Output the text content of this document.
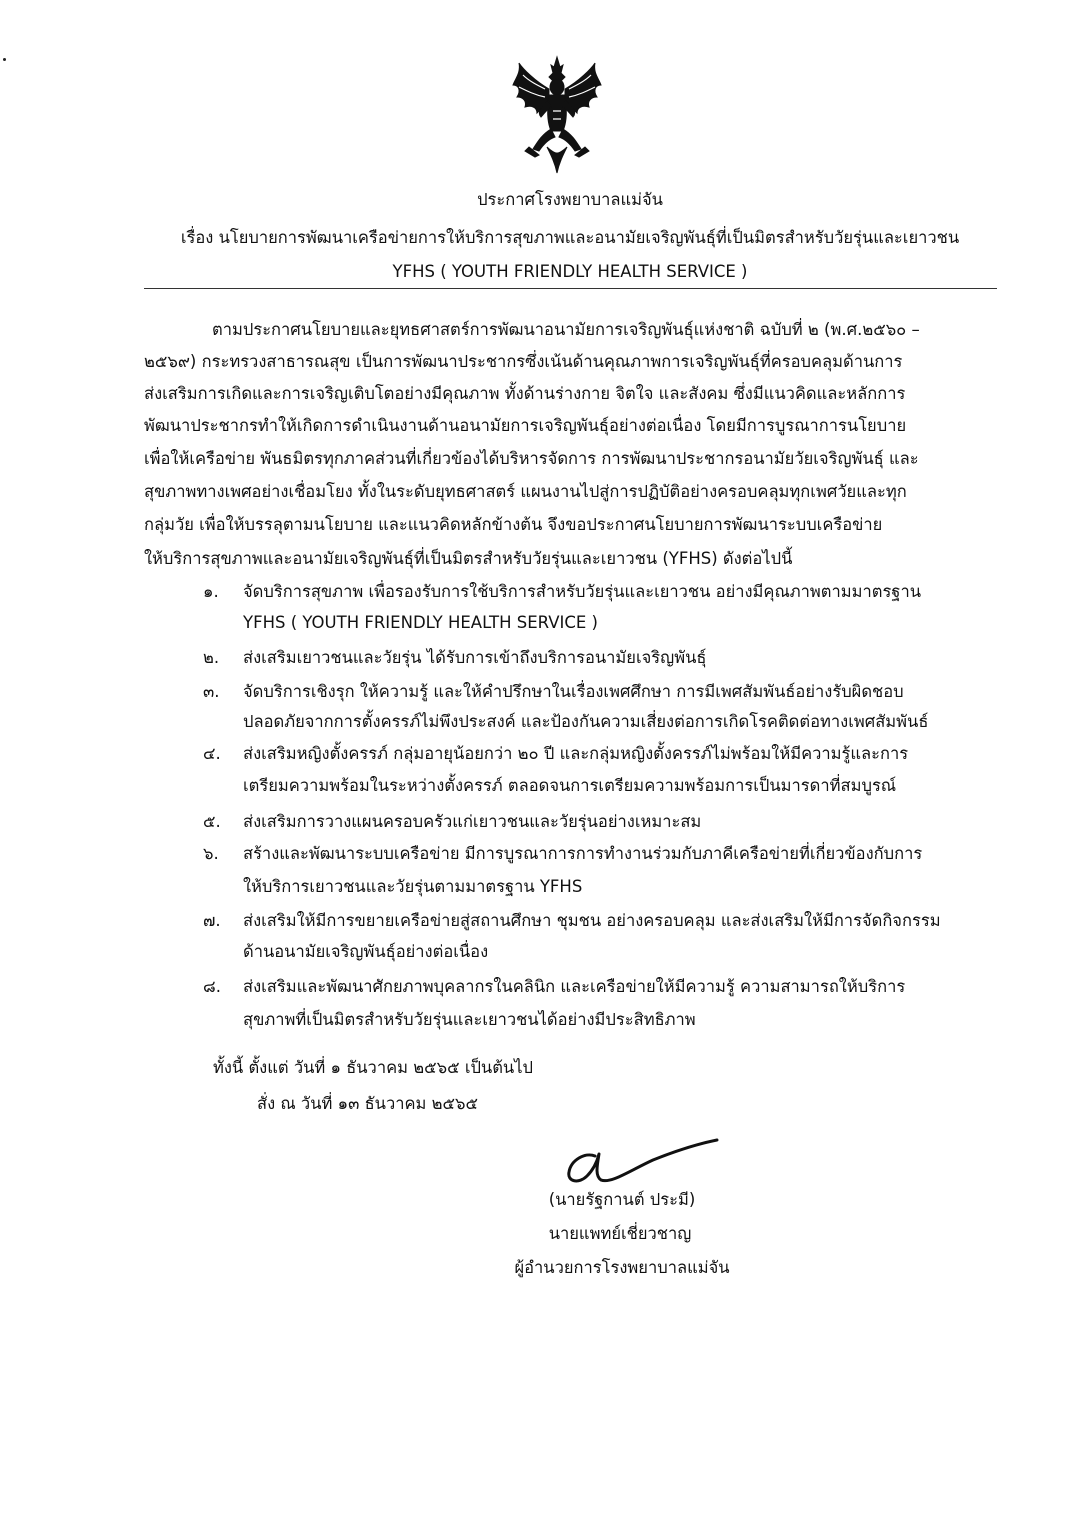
ประกาศโรงพยาบาลแม่จัน
เรื่อง นโยบายการพัฒนาเครือข่ายการให้บริการสุขภาพและอนามัยเจริญพันธุ์ที่เป็นมิตรสำหรับวัยรุ่นและเยาวชน
YFHS ( YOUTH FRIENDLY HEALTH SERVICE )
ตามประกาศนโยบายและยุทธศาสตร์การพัฒนาอนามัยการเจริญพันธุ์แห่งชาติ ฉบับที่ ๒ (พ.ศ.๒๕๖๐ –
๒๕๖๙) กระทรวงสาธารณสุข เป็นการพัฒนาประชากรซึ่งเน้นด้านคุณภาพการเจริญพันธุ์ที่ครอบคลุมด้านการ
ส่งเสริมการเกิดและการเจริญเติบโตอย่างมีคุณภาพ ทั้งด้านร่างกาย จิตใจ และสังคม ซึ่งมีแนวคิดและหลักการ
พัฒนาประชากรทำให้เกิดการดำเนินงานด้านอนามัยการเจริญพันธุ์อย่างต่อเนื่อง โดยมีการบูรณาการนโยบาย
เพื่อให้เครือข่าย พันธมิตรทุกภาคส่วนที่เกี่ยวข้องได้บริหารจัดการ การพัฒนาประชากรอนามัยวัยเจริญพันธุ์ และ
สุขภาพทางเพศอย่างเชื่อมโยง ทั้งในระดับยุทธศาสตร์ แผนงานไปสู่การปฏิบัติอย่างครอบคลุมทุกเพศวัยและทุก
กลุ่มวัย เพื่อให้บรรลุตามนโยบาย และแนวคิดหลักข้างต้น จึงขอประกาศนโยบายการพัฒนาระบบเครือข่าย
ให้บริการสุขภาพและอนามัยเจริญพันธุ์ที่เป็นมิตรสำหรับวัยรุ่นและเยาวชน (YFHS) ดังต่อไปนี้
๑. จัดบริการสุขภาพ เพื่อรองรับการใช้บริการสำหรับวัยรุ่นและเยาวชน อย่างมีคุณภาพตามมาตรฐาน
YFHS ( YOUTH FRIENDLY HEALTH SERVICE )
๒. ส่งเสริมเยาวชนและวัยรุ่น ได้รับการเข้าถึงบริการอนามัยเจริญพันธุ์
๓. จัดบริการเชิงรุก ให้ความรู้ และให้คำปรึกษาในเรื่องเพศศึกษา การมีเพศสัมพันธ์อย่างรับผิดชอบ
ปลอดภัยจากการตั้งครรภ์ไม่พึงประสงค์ และป้องกันความเสี่ยงต่อการเกิดโรคติดต่อทางเพศสัมพันธ์
๔. ส่งเสริมหญิงตั้งครรภ์ กลุ่มอายุน้อยกว่า ๒๐ ปี และกลุ่มหญิงตั้งครรภ์ไม่พร้อมให้มีความรู้และการ
เตรียมความพร้อมในระหว่างตั้งครรภ์ ตลอดจนการเตรียมความพร้อมการเป็นมารดาที่สมบูรณ์
๕. ส่งเสริมการวางแผนครอบครัวแก่เยาวชนและวัยรุ่นอย่างเหมาะสม
๖. สร้างและพัฒนาระบบเครือข่าย มีการบูรณาการการทำงานร่วมกับภาคีเครือข่ายที่เกี่ยวข้องกับการ
ให้บริการเยาวชนและวัยรุ่นตามมาตรฐาน YFHS
๗. ส่งเสริมให้มีการขยายเครือข่ายสู่สถานศึกษา ชุมชน อย่างครอบคลุม และส่งเสริมให้มีการจัดกิจกรรม
ด้านอนามัยเจริญพันธุ์อย่างต่อเนื่อง
๘. ส่งเสริมและพัฒนาศักยภาพบุคลากรในคลินิก และเครือข่ายให้มีความรู้ ความสามารถให้บริการ
สุขภาพที่เป็นมิตรสำหรับวัยรุ่นและเยาวชนได้อย่างมีประสิทธิภาพ
ทั้งนี้ ตั้งแต่ วันที่ ๑ ธันวาคม ๒๕๖๕ เป็นต้นไป
สั่ง ณ วันที่ ๑๓ ธันวาคม ๒๕๖๕
(นายรัฐกานต์ ประมี)
นายแพทย์เชี่ยวชาญ
ผู้อำนวยการโรงพยาบาลแม่จัน
